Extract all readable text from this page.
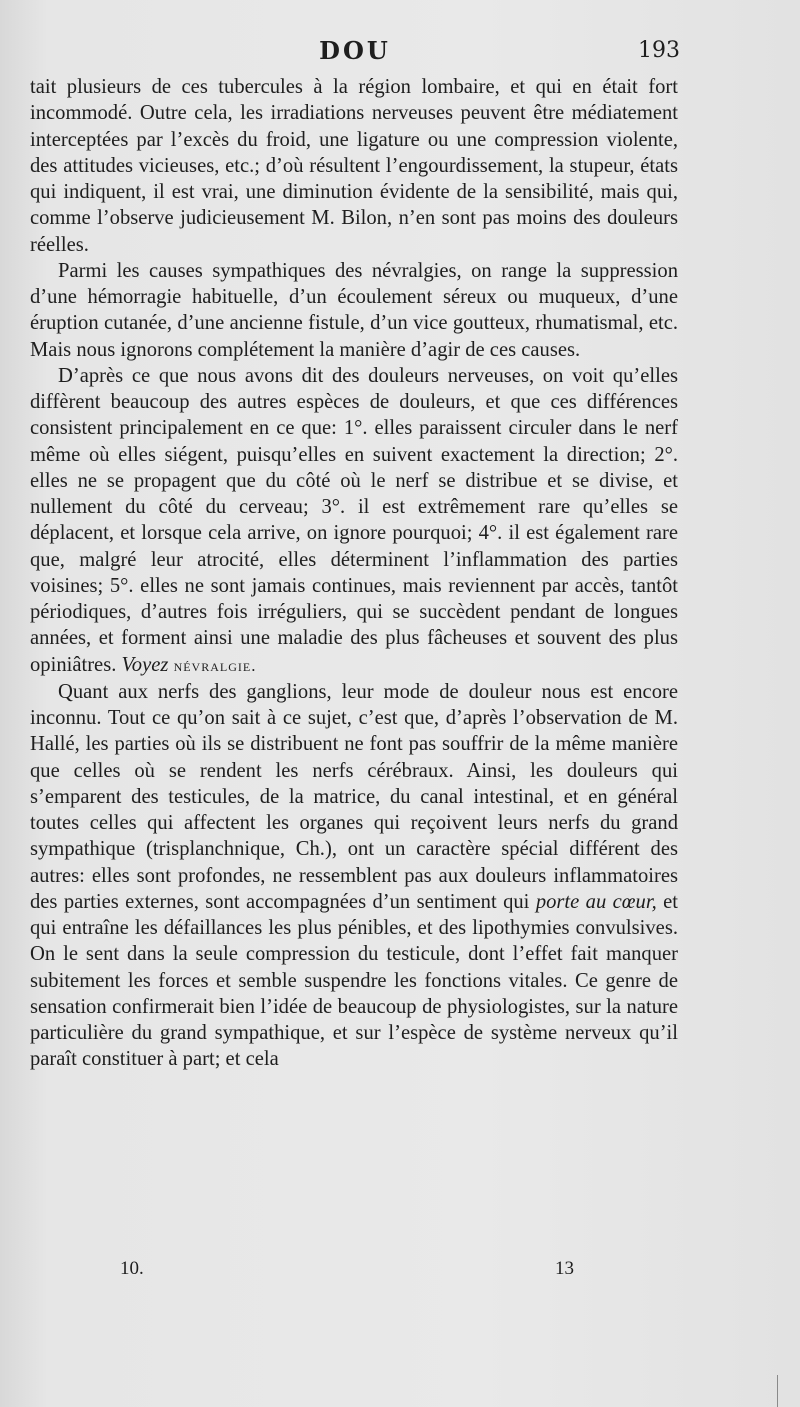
DOU	193

tait plusieurs de ces tubercules à la région lombaire, et qui en était fort incommodé. Outre cela, les irradiations nerveuses peuvent être médiatement interceptées par l’excès du froid, une ligature ou une compression violente, des attitudes vicieuses, etc.; d’où résultent l’engourdissement, la stupeur, états qui indiquent, il est vrai, une diminution évidente de la sensibilité, mais qui, comme l’observe judicieusement M. Bilon, n’en sont pas moins des douleurs réelles.

Parmi les causes sympathiques des névralgies, on range la suppression d’une hémorragie habituelle, d’un écoulement séreux ou muqueux, d’une éruption cutanée, d’une ancienne fistule, d’un vice goutteux, rhumatismal, etc. Mais nous ignorons complétement la manière d’agir de ces causes.

D’après ce que nous avons dit des douleurs nerveuses, on voit qu’elles diffèrent beaucoup des autres espèces de douleurs, et que ces différences consistent principalement en ce que: 1°. elles paraissent circuler dans le nerf même où elles siégent, puisqu’elles en suivent exactement la direction; 2°. elles ne se propagent que du côté où le nerf se distribue et se divise, et nullement du côté du cerveau; 3°. il est extrêmement rare qu’elles se déplacent, et lorsque cela arrive, on ignore pourquoi; 4°. il est également rare que, malgré leur atrocité, elles déterminent l’inflammation des parties voisines; 5°. elles ne sont jamais continues, mais reviennent par accès, tantôt périodiques, d’autres fois irréguliers, qui se succèdent pendant de longues années, et forment ainsi une maladie des plus fâcheuses et souvent des plus opiniâtres. Voyez névralgie.

Quant aux nerfs des ganglions, leur mode de douleur nous est encore inconnu. Tout ce qu’on sait à ce sujet, c’est que, d’après l’observation de M. Hallé, les parties où ils se distribuent ne font pas souffrir de la même manière que celles où se rendent les nerfs cérébraux. Ainsi, les douleurs qui s’emparent des testicules, de la matrice, du canal intestinal, et en général toutes celles qui affectent les organes qui reçoivent leurs nerfs du grand sympathique (trisplanchnique, Ch.), ont un caractère spécial différent des autres: elles sont profondes, ne ressemblent pas aux douleurs inflammatoires des parties externes, sont accompagnées d’un sentiment qui porte au cœur, et qui entraîne les défaillances les plus pénibles, et des lipothymies convulsives. On le sent dans la seule compression du testicule, dont l’effet fait manquer subitement les forces et semble suspendre les fonctions vitales. Ce genre de sensation confirmerait bien l’idée de beaucoup de physiologistes, sur la nature particulière du grand sympathique, et sur l’espèce de système nerveux qu’il paraît constituer à part; et cela

10.	13
